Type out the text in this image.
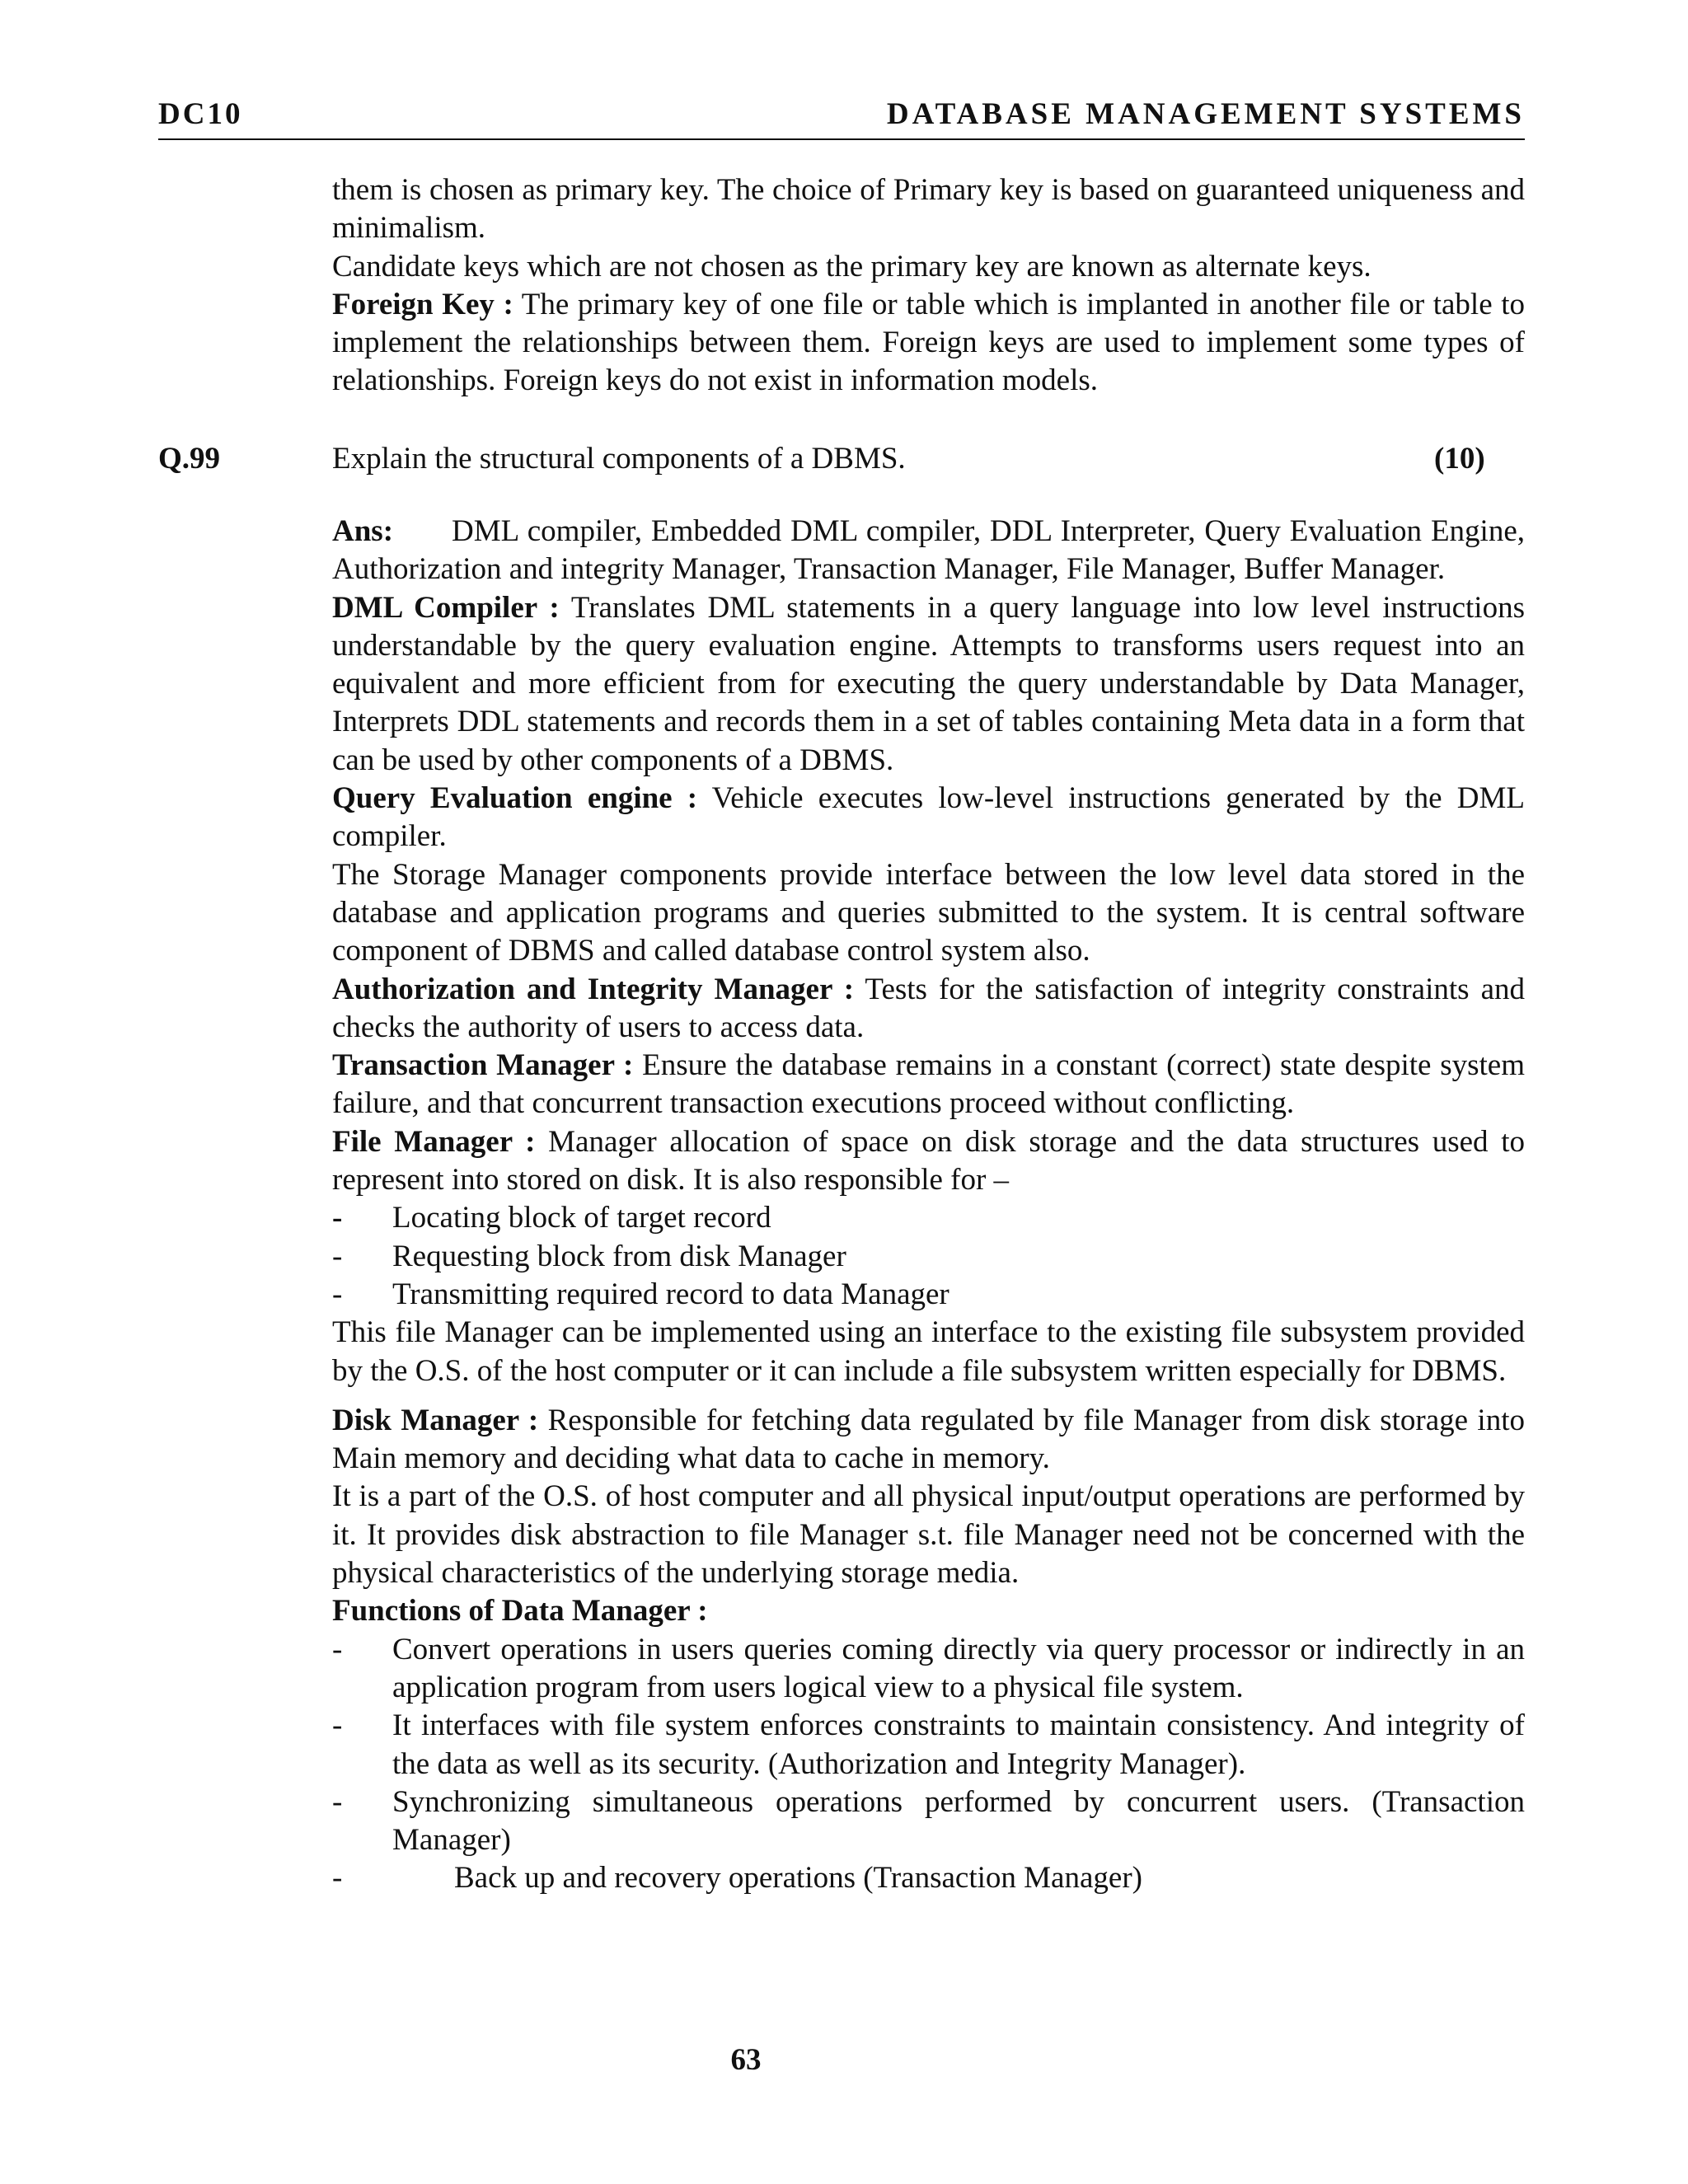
DC10	DATABASE MANAGEMENT SYSTEMS

them is chosen as primary key. The choice of Primary key is based on guaranteed uniqueness and minimalism.

Candidate keys which are not chosen as the primary key are known as alternate keys.

Foreign Key : The primary key of one file or table which is implanted in another file or table to implement the relationships between them. Foreign keys are used to implement some types of relationships. Foreign keys do not exist in information models.

Q.99	Explain the structural components of a DBMS.	(10)

Ans: DML compiler, Embedded DML compiler, DDL Interpreter, Query Evaluation Engine, Authorization and integrity Manager, Transaction Manager, File Manager, Buffer Manager.

DML Compiler : Translates DML statements in a query language into low level instructions understandable by the query evaluation engine. Attempts to transforms users request into an equivalent and more efficient from for executing the query understandable by Data Manager, Interprets DDL statements and records them in a set of tables containing Meta data in a form that can be used by other components of a DBMS.

Query Evaluation engine : Vehicle executes low-level instructions generated by the DML compiler.

The Storage Manager components provide interface between the low level data stored in the database and application programs and queries submitted to the system. It is central software component of DBMS and called database control system also.

Authorization and Integrity Manager : Tests for the satisfaction of integrity constraints and checks the authority of users to access data.

Transaction Manager : Ensure the database remains in a constant (correct) state despite system failure, and that concurrent transaction executions proceed without conflicting.

File Manager : Manager allocation of space on disk storage and the data structures used to represent into stored on disk. It is also responsible for –

- Locating block of target record
- Requesting block from disk Manager
- Transmitting required record to data Manager

This file Manager can be implemented using an interface to the existing file subsystem provided by the O.S. of the host computer or it can include a file subsystem written especially for DBMS.

Disk Manager : Responsible for fetching data regulated by file Manager from disk storage into Main memory and deciding what data to cache in memory.

It is a part of the O.S. of host computer and all physical input/output operations are performed by it. It provides disk abstraction to file Manager s.t. file Manager need not be concerned with the physical characteristics of the underlying storage media.

Functions of Data Manager :

- Convert operations in users queries coming directly via query processor or indirectly in an application program from users logical view to a physical file system.
- It interfaces with file system enforces constraints to maintain consistency. And integrity of the data as well as its security. (Authorization and Integrity Manager).
- Synchronizing simultaneous operations performed by concurrent users. (Transaction Manager)
-	Back up and recovery operations (Transaction Manager)
63
